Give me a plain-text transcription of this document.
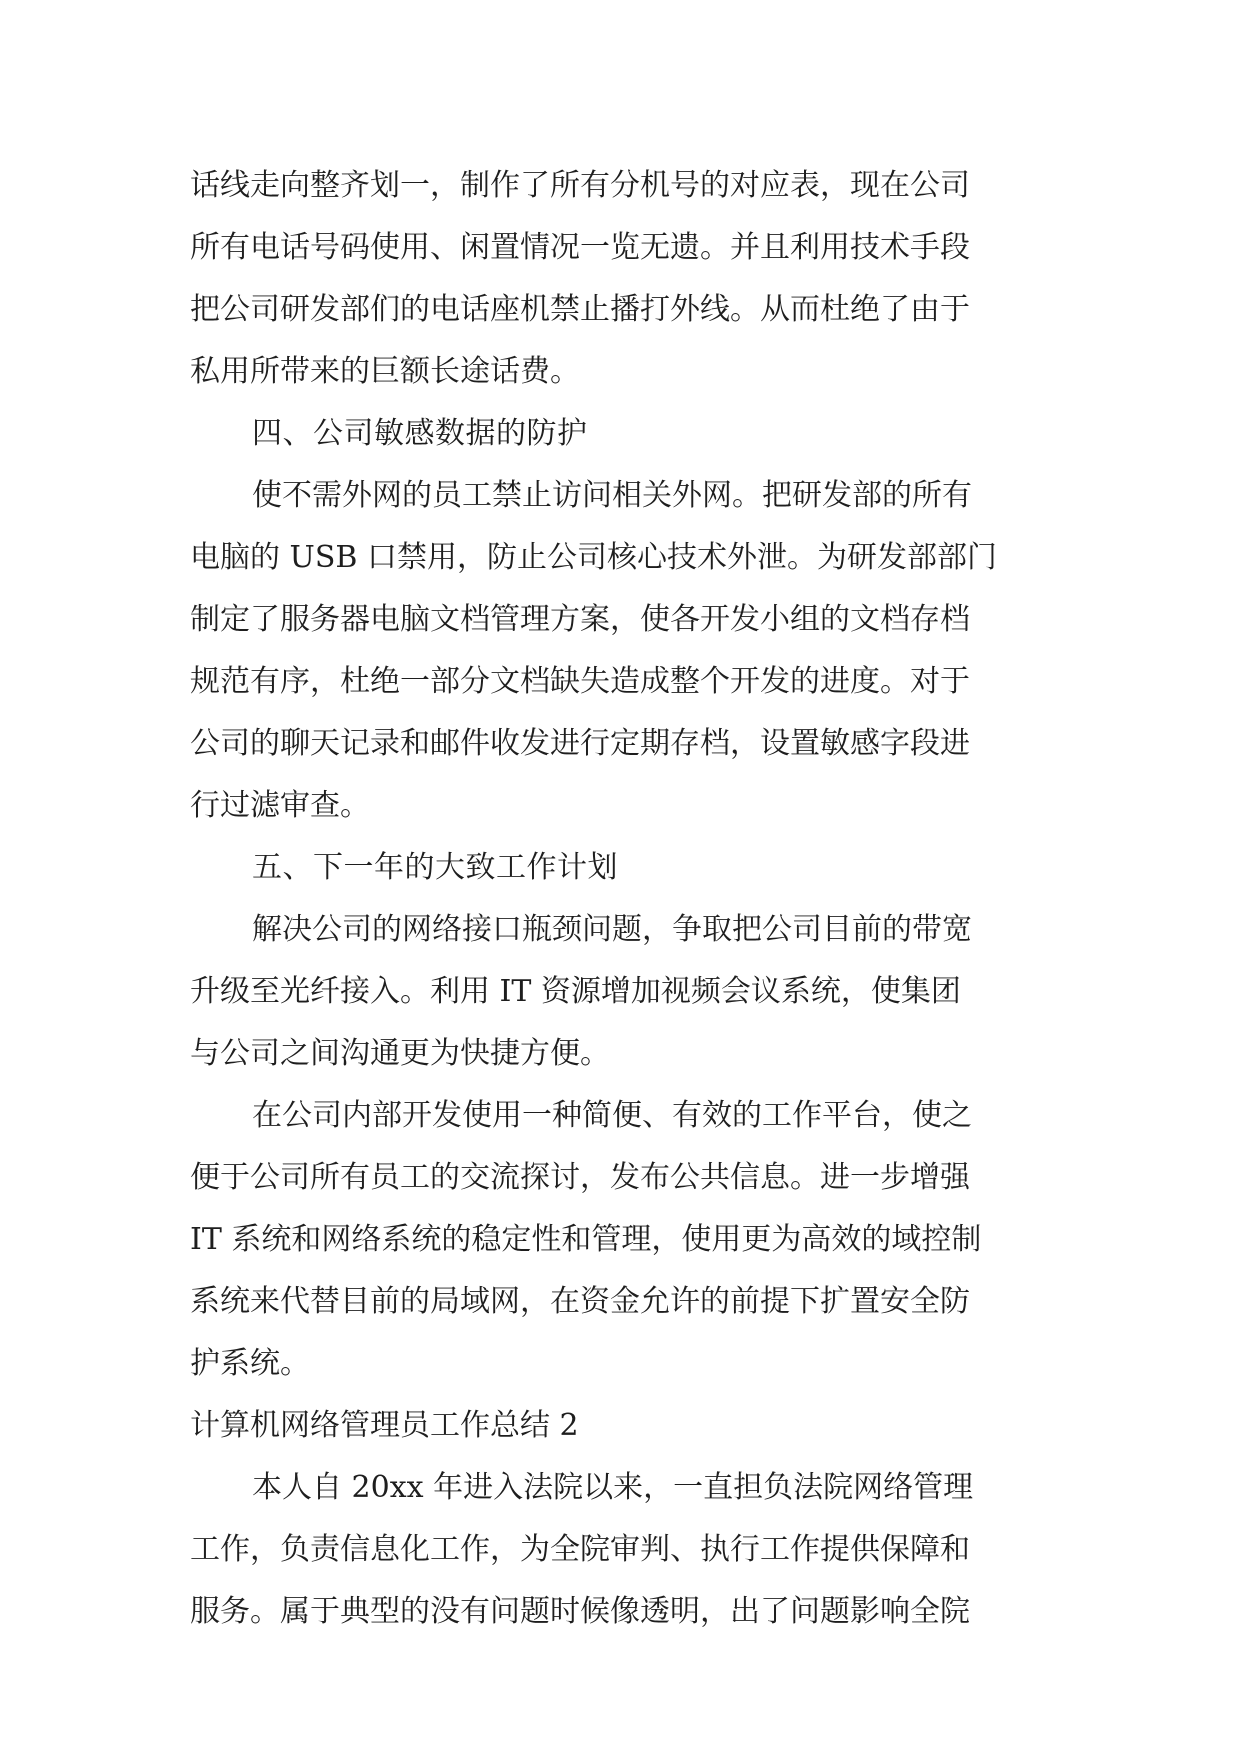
话线走向整齐划一，制作了所有分机号的对应表，现在公司
所有电话号码使用、闲置情况一览无遗。并且利用技术手段
把公司研发部们的电话座机禁止播打外线。从而杜绝了由于
私用所带来的巨额长途话费。
四、公司敏感数据的防护
使不需外网的员工禁止访问相关外网。把研发部的所有
电脑的 USB 口禁用，防止公司核心技术外泄。为研发部部门
制定了服务器电脑文档管理方案，使各开发小组的文档存档
规范有序，杜绝一部分文档缺失造成整个开发的进度。对于
公司的聊天记录和邮件收发进行定期存档，设置敏感字段进
行过滤审查。
五、下一年的大致工作计划
解决公司的网络接口瓶颈问题，争取把公司目前的带宽
升级至光纤接入。利用 IT 资源增加视频会议系统，使集团
与公司之间沟通更为快捷方便。
在公司内部开发使用一种简便、有效的工作平台，使之
便于公司所有员工的交流探讨，发布公共信息。进一步增强
IT 系统和网络系统的稳定性和管理，使用更为高效的域控制
系统来代替目前的局域网，在资金允许的前提下扩置安全防
护系统。
计算机网络管理员工作总结 2
本人自 20xx 年进入法院以来，一直担负法院网络管理
工作，负责信息化工作，为全院审判、执行工作提供保障和
服务。属于典型的没有问题时候像透明，出了问题影响全院
